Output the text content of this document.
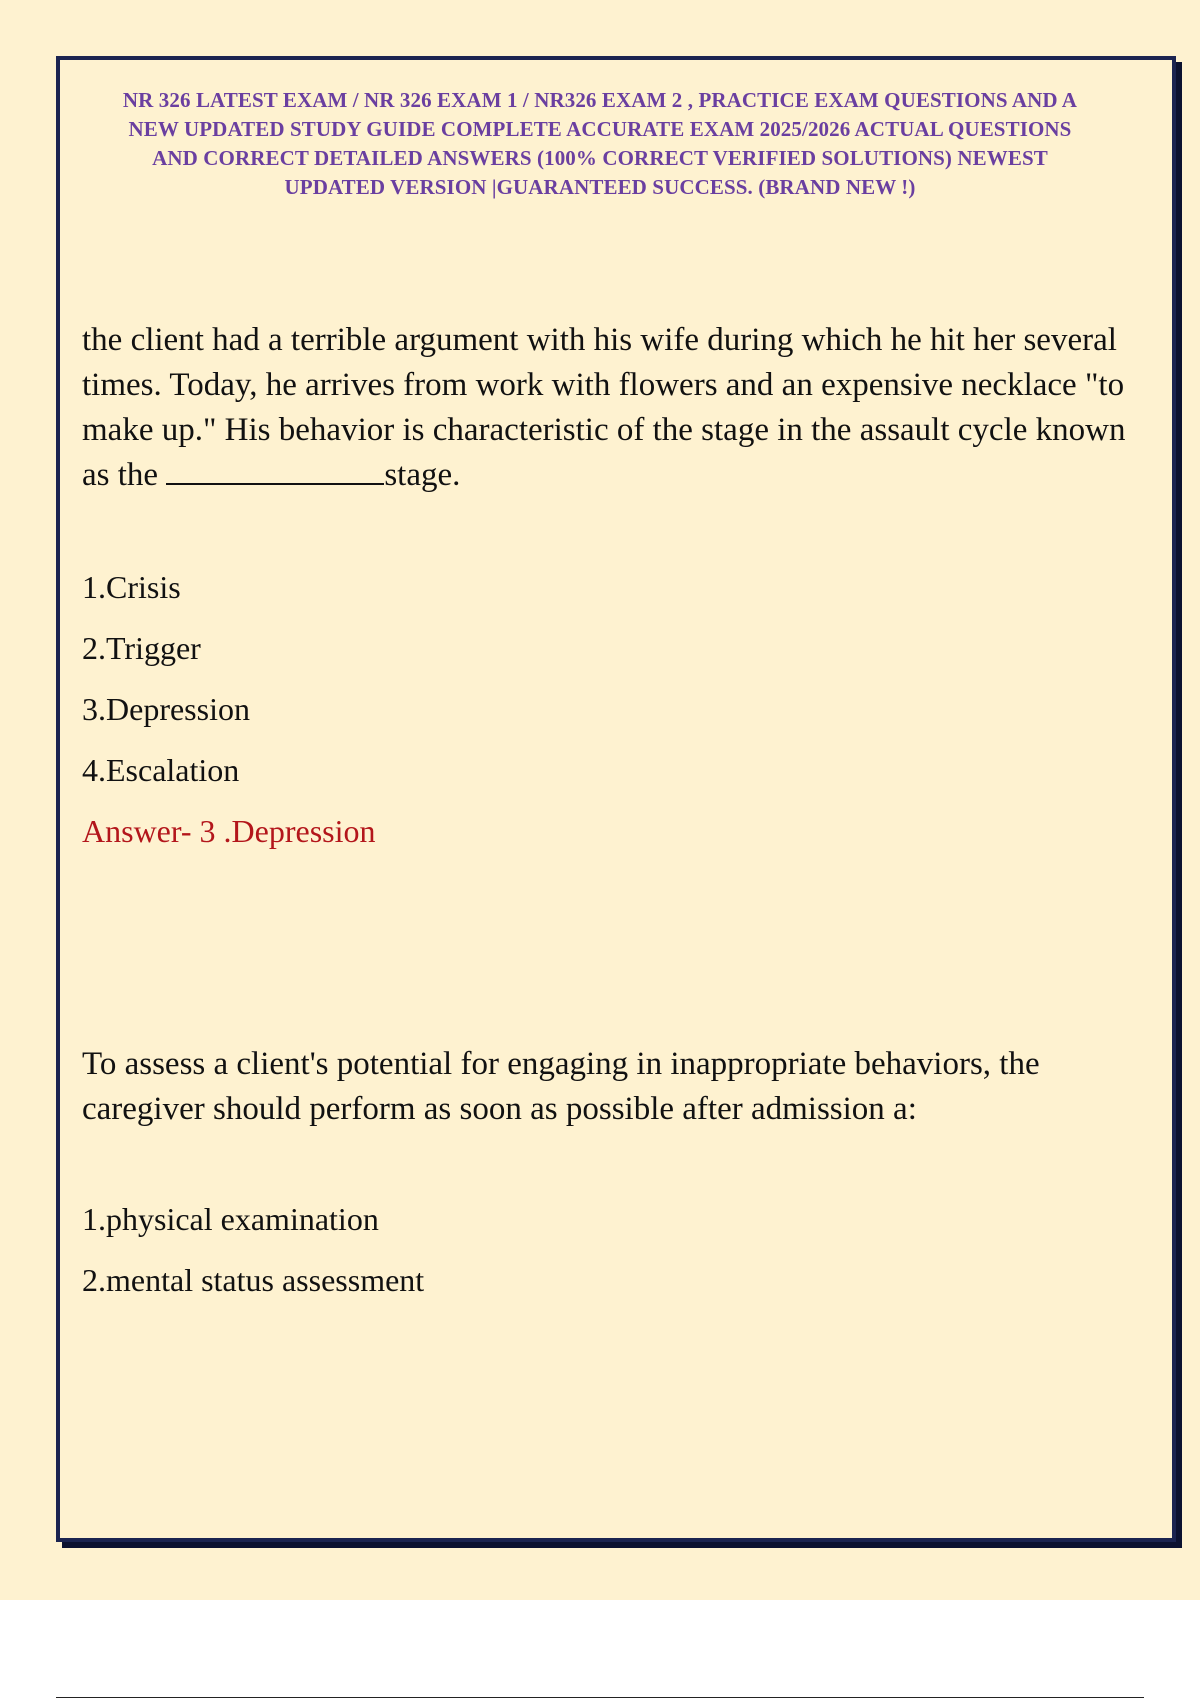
NR 326 LATEST EXAM / NR 326 EXAM 1 / NR326 EXAM 2 , PRACTICE EXAM QUESTIONS AND A NEW UPDATED STUDY GUIDE COMPLETE ACCURATE EXAM 2025/2026 ACTUAL QUESTIONS AND CORRECT DETAILED ANSWERS (100% CORRECT VERIFIED SOLUTIONS) NEWEST UPDATED VERSION |GUARANTEED SUCCESS. (BRAND NEW !)

the client had a terrible argument with his wife during which he hit her several times. Today, he arrives from work with flowers and an expensive necklace "to make up." His behavior is characteristic of the stage in the assault cycle known as the	stage.

1.Crisis

2.Trigger

3.Depression

4.Escalation

Answer- 3 .Depression

To assess a client's potential for engaging in inappropriate behaviors, the caregiver should perform as soon as possible after admission a:

1.physical examination

2.mental status assessment
